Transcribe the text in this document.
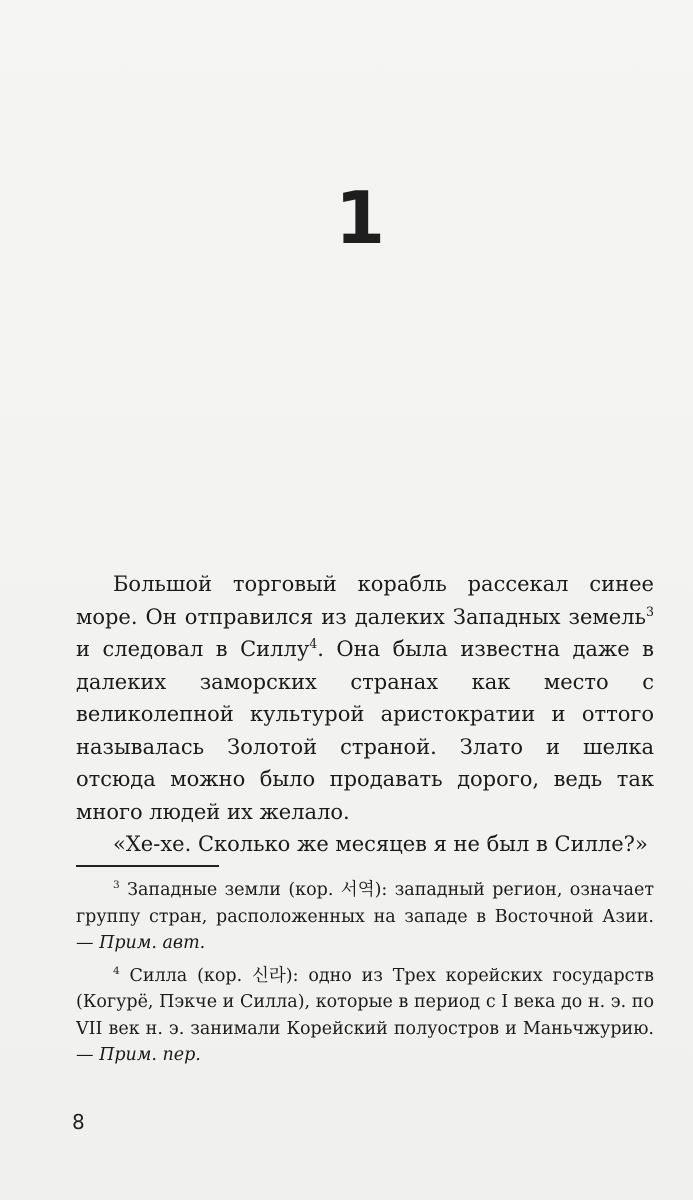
1

Большой торговый корабль рассекал синее море. Он отправился из далеких Западных земель$^3$ и следовал в Силлу$^4$. Она была известна даже в далеких заморских странах как место с великолепной культурой аристократии и оттого называлась Золотой страной. Злато и шелка отсюда можно было продавать дорого, ведь так много людей их желало.

«Хе-хе. Сколько же месяцев я не был в Силле?»

$^3$ Западные земли (кор. 서역): западный регион, означает группу стран, расположенных на западе в Восточной Азии. — Прим. авт.

$^4$ Силла (кор. 신라): одно из Трех корейских государств (Когурё, Пэкче и Силла), которые в период с I века до н. э. по VII век н. э. занимали Корейский полуостров и Маньчжурию. — Прим. пер.

8
